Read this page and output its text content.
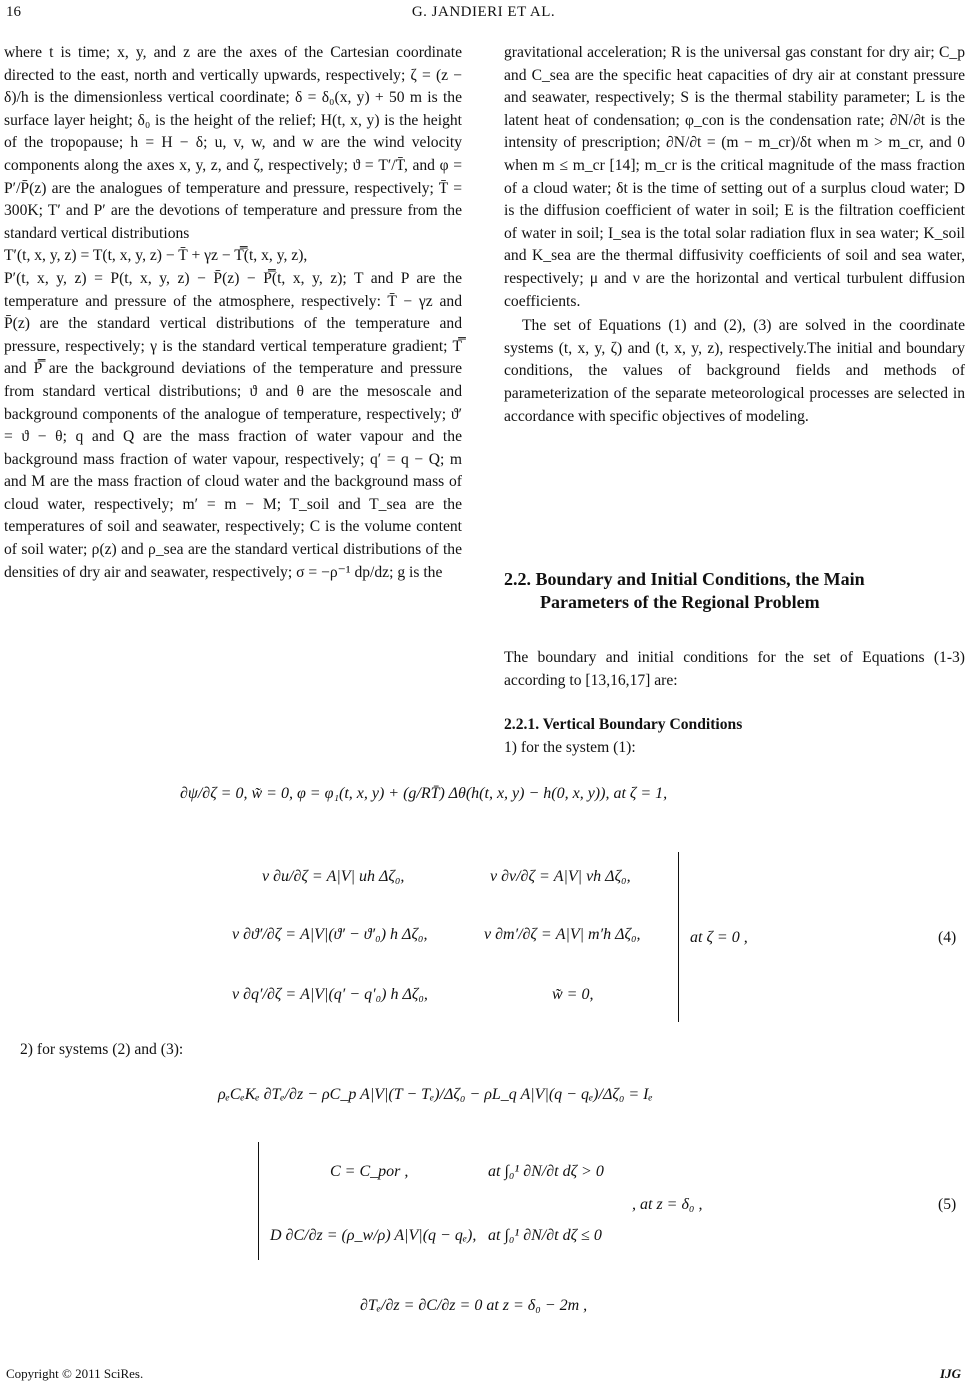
16	G. JANDIERI ET AL.

where t is time; x, y, and z are the axes of the Cartesian coordinate directed to the east, north and vertically upwards, respectively; ζ = (z − δ)/h is the dimensionless vertical coordinate; δ = δ₀(x, y) + 50 m is the surface layer height; δ₀ is the height of the relief; H(t, x, y) is the height of the tropopause; h = H − δ; u, v, w, and w are the wind velocity components along the axes x, y, z, and ζ, respectively; ϑ = T′/T̄, and φ = P′/P̄(z) are the analogues of temperature and pressure, respectively; T̄ = 300K; T′ and P′ are the devotions of temperature and pressure from the standard vertical distributions

T′(t, x, y, z) = T(t, x, y, z) − T̄ + γz − T̿(t, x, y, z),

P′(t, x, y, z) = P(t, x, y, z) − P̄(z) − P̿(t, x, y, z); T and P are the temperature and pressure of the atmosphere, respectively: T̄ − γz and P̄(z) are the standard vertical distributions of the temperature and pressure, respectively; γ is the standard vertical temperature gradient; T̿ and P̿ are the background deviations of the temperature and pressure from standard vertical distributions; ϑ and θ are the mesoscale and background components of the analogue of temperature, respectively; ϑ′ = ϑ − θ; q and Q are the mass fraction of water vapour and the background mass fraction of water vapour, respectively; q′ = q − Q; m and M are the mass fraction of cloud water and the background mass of cloud water, respectively; m′ = m − M; T_soil and T_sea are the temperatures of soil and seawater, respectively; C is the volume content of soil water; ρ(z) and ρ_sea are the standard vertical distributions of the densities of dry air and seawater, respectively; σ = −ρ⁻¹ dp/dz; g is the

gravitational acceleration; R is the universal gas constant for dry air; C_p and C_sea are the specific heat capacities of dry air at constant pressure and seawater, respectively; S is the thermal stability parameter; L is the latent heat of condensation; φ_con is the condensation rate; ∂N/∂t is the intensity of prescription; ∂N/∂t = (m − m_cr)/δt when m > m_cr, and 0 when m ≤ m_cr [14]; m_cr is the critical magnitude of the mass fraction of a cloud water; δt is the time of setting out of a surplus cloud water; D is the diffusion coefficient of water in soil; E is the filtration coefficient of water in soil; I_sea is the total solar radiation flux in sea water; K_soil and K_sea are the thermal diffusivity coefficients of soil and sea water, respectively; μ and ν are the horizontal and vertical turbulent diffusion coefficients.

The set of Equations (1) and (2), (3) are solved in the coordinate systems (t, x, y, ζ) and (t, x, y, z), respectively.The initial and boundary conditions, the values of background fields and methods of parameterization of the separate meteorological processes are selected in accordance with specific objectives of modeling.

2.2. Boundary and Initial Conditions, the Main
Parameters of the Regional Problem
The boundary and initial conditions for the set of Equations (1-3) according to [13,16,17] are:
2.2.1. Vertical Boundary Conditions
1) for the system (1):
∂ψ/∂ζ = 0, w̃ = 0, φ = φ₁(t, x, y) + (g/RT̄) Δθ(h(t, x, y) − h(0, x, y)), at ζ = 1,
ν ∂u/∂ζ = A|V| uh Δζ₀,	ν ∂v/∂ζ = A|V| vh Δζ₀,
ν ∂ϑ′/∂ζ = A|V|(ϑ′ − ϑ′₀) h Δζ₀,	ν ∂m′/∂ζ = A|V| m′h Δζ₀,
ν ∂q′/∂ζ = A|V|(q′ − q′₀) h Δζ₀,	w̃ = 0,
at ζ = 0 ,	(4)
2) for systems (2) and (3):
ρₑCₑKₑ ∂Tₑ/∂z − ρC_p A|V|(T − Tₑ)/Δζ₀ − ρL_q A|V|(q − qₑ)/Δζ₀ = Iₑ
C = C_por ,	at ∫₀¹ ∂N/∂t dζ > 0
D ∂C/∂z = (ρ_w/ρ) A|V|(q − qₑ), at ∫₀¹ ∂N/∂t dζ ≤ 0
, at z = δ₀ ,	(5)
∂Tₑ/∂z = ∂C/∂z = 0 at z = δ₀ − 2m ,
Copyright © 2011 SciRes.	IJG
